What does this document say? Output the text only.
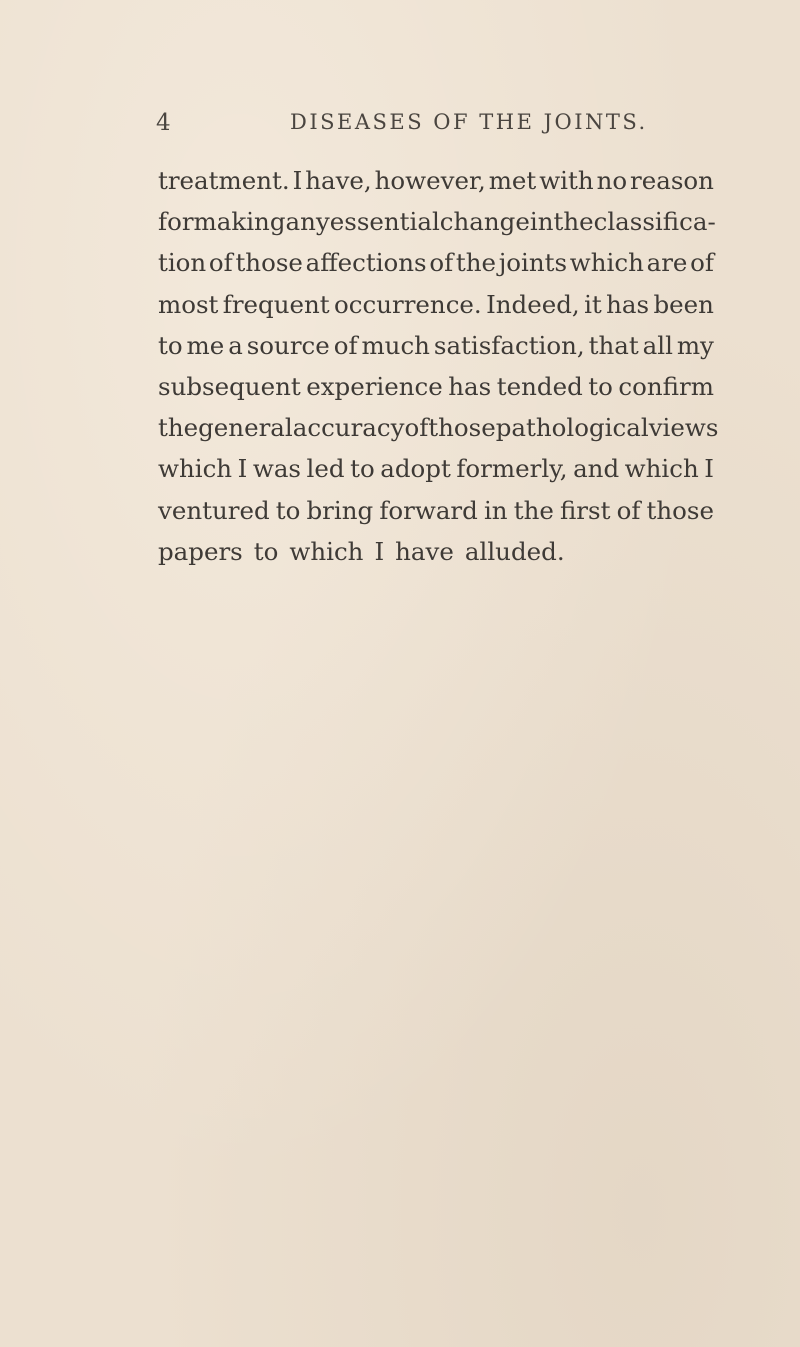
4	DISEASES OF THE JOINTS.
treatment. I have, however, met with no reason
for making any essential change in the classifica-
tion of those affections of the joints which are of
most frequent occurrence. Indeed, it has been
to me a source of much satisfaction, that all my
subsequent experience has tended to confirm
the general accuracy of those pathological views
which I was led to adopt formerly, and which I
ventured to bring forward in the first of those
papers to which I have alluded.
